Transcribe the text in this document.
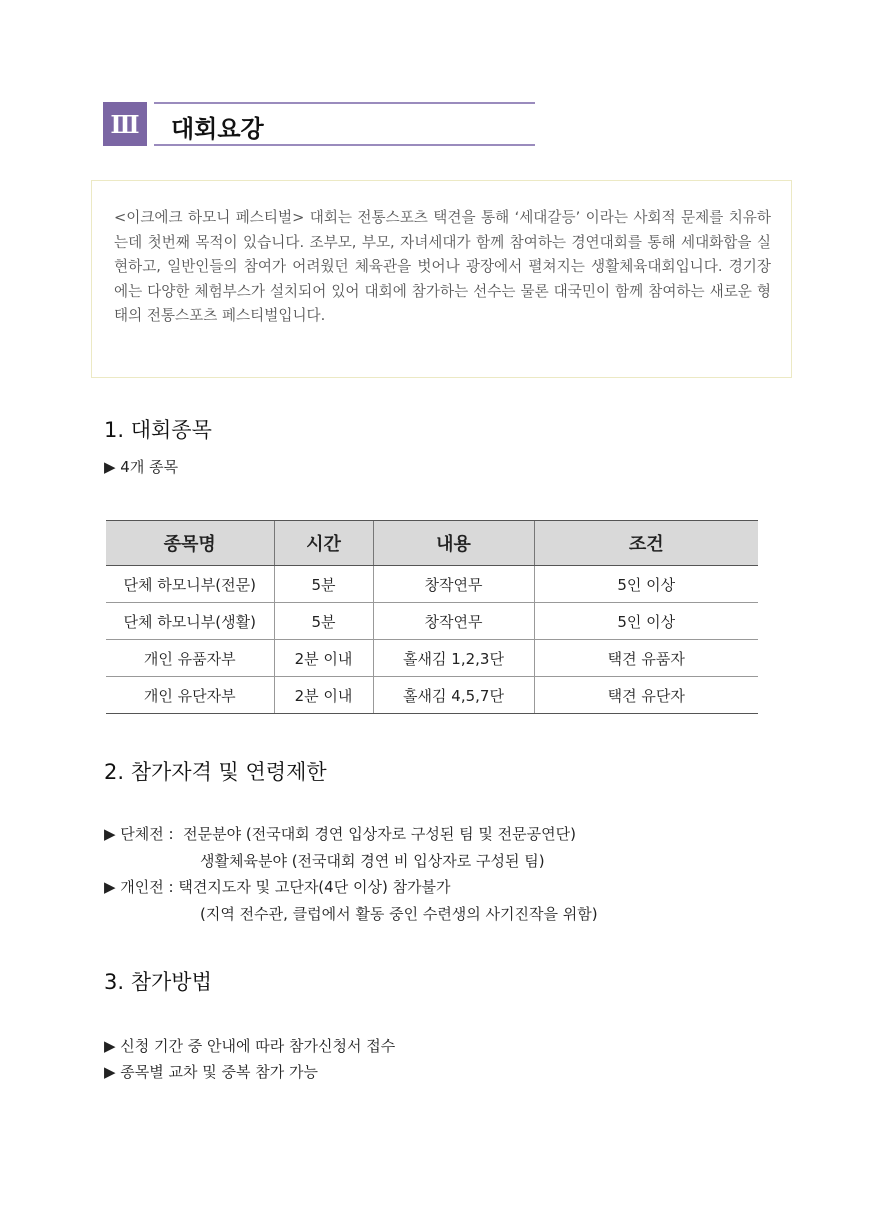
Ⅲ	대회요강
<이크에크 하모니 페스티벌> 대회는 전통스포츠 택견을 통해 ‘세대갈등’ 이라는 사회적 문제를 치유하는데 첫번째 목적이 있습니다. 조부모, 부모, 자녀세대가 함께 참여하는 경연대회를 통해 세대화합을 실현하고, 일반인들의 참여가 어려웠던 체육관을 벗어나 광장에서 펼쳐지는 생활체육대회입니다. 경기장에는 다양한 체험부스가 설치되어 있어 대회에 참가하는 선수는 물론 대국민이 함께 참여하는 새로운 형태의 전통스포츠 페스티벌입니다.
1. 대회종목
▶ 4개 종목
종목명	시간	내용	조건
단체 하모니부(전문)	5분	창작연무	5인 이상
단체 하모니부(생활)	5분	창작연무	5인 이상
개인 유품자부	2분 이내	홀새김 1,2,3단	택견 유품자
개인 유단자부	2분 이내	홀새김 4,5,7단	택견 유단자
2. 참가자격 및 연령제한
▶ 단체전 :  전문분야 (전국대회 경연 입상자로 구성된 팀 및 전문공연단)
생활체육분야 (전국대회 경연 비 입상자로 구성된 팀)
▶ 개인전 : 택견지도자 및 고단자(4단 이상) 참가불가
(지역 전수관, 클럽에서 활동 중인 수련생의 사기진작을 위함)
3. 참가방법
▶ 신청 기간 중 안내에 따라 참가신청서 접수
▶ 종목별 교차 및 중복 참가 가능
